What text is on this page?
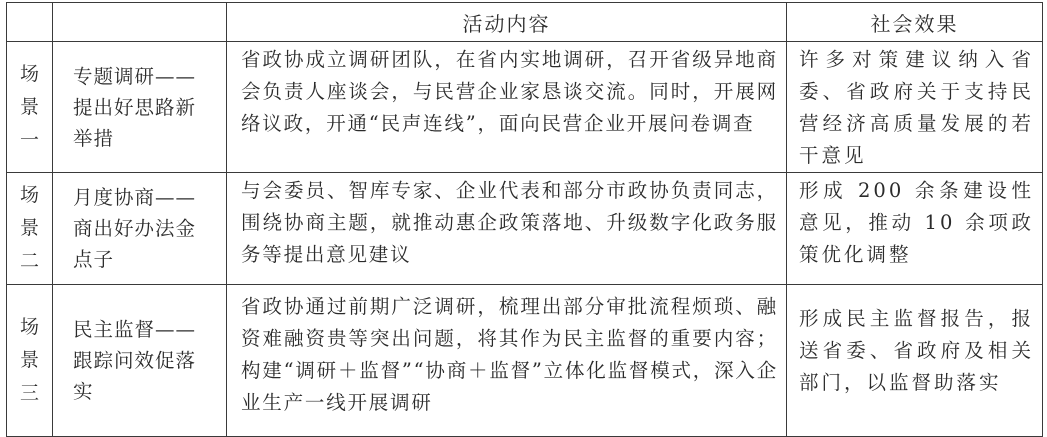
		活动内容	社会效果

场
景
一	专题调研——提出好思路新举措	省政协成立调研团队，在省内实地调研，召开省级异地商会负责人座谈会，与民营企业家恳谈交流。同时，开展网络议政，开通“民声连线”，面向民营企业开展问卷调查	许多对策建议纳入省委、省政府关于支持民营经济高质量发展的若干意见

场
景
二	月度协商——商出好办法金点子	与会委员、智库专家、企业代表和部分市政协负责同志，围绕协商主题，就推动惠企政策落地、升级数字化政务服务等提出意见建议	形成 200 余条建设性意见，推动 10 余项政策优化调整

场
景
三	民主监督——跟踪问效促落实	省政协通过前期广泛调研，梳理出部分审批流程烦琐、融资难融资贵等突出问题，将其作为民主监督的重要内容；构建“调研＋监督”“协商＋监督”立体化监督模式，深入企业生产一线开展调研	形成民主监督报告，报送省委、省政府及相关部门，以监督助落实
